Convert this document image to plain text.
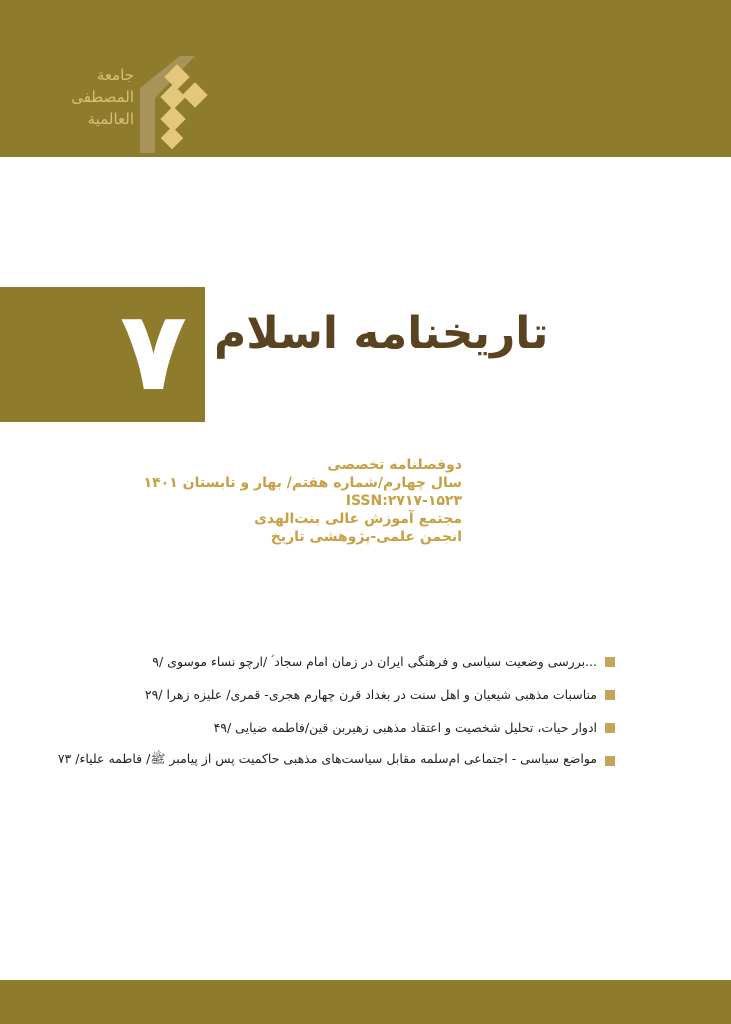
جامعة
المصطفی
العالمیة
۷ تاریخنامه اسلام
دوفصلنامه تخصصی
سال چهارم/شماره هفتم/ بهار و تابستان ۱۴۰۱
ISSN:۲۷۱۷-۱۵۲۳
مجتمع آموزش عالی بنت‌الهدی
انجمن علمی-پژوهشی تاریخ
...بررسی وضعیت سیاسی و فرهنگی ایران در زمان امام سجاد ؑ /ارچو نساء موسوی /۹
مناسبات مذهبی شیعیان و اهل سنت در بغداد قرن چهارم هجری- قمری/ علیزه زهرا /۲۹
ادوار حیات، تحلیل شخصیت و اعتقاد مذهبی زهیربن قین/فاطمه ضیایی /۴۹
مواضع سیاسی - اجتماعی ام‌سلمه مقابل سیاست‌های مذهبی حاکمیت پس از پیامبر ﷺ/ فاطمه علیاء/ ۷۳
